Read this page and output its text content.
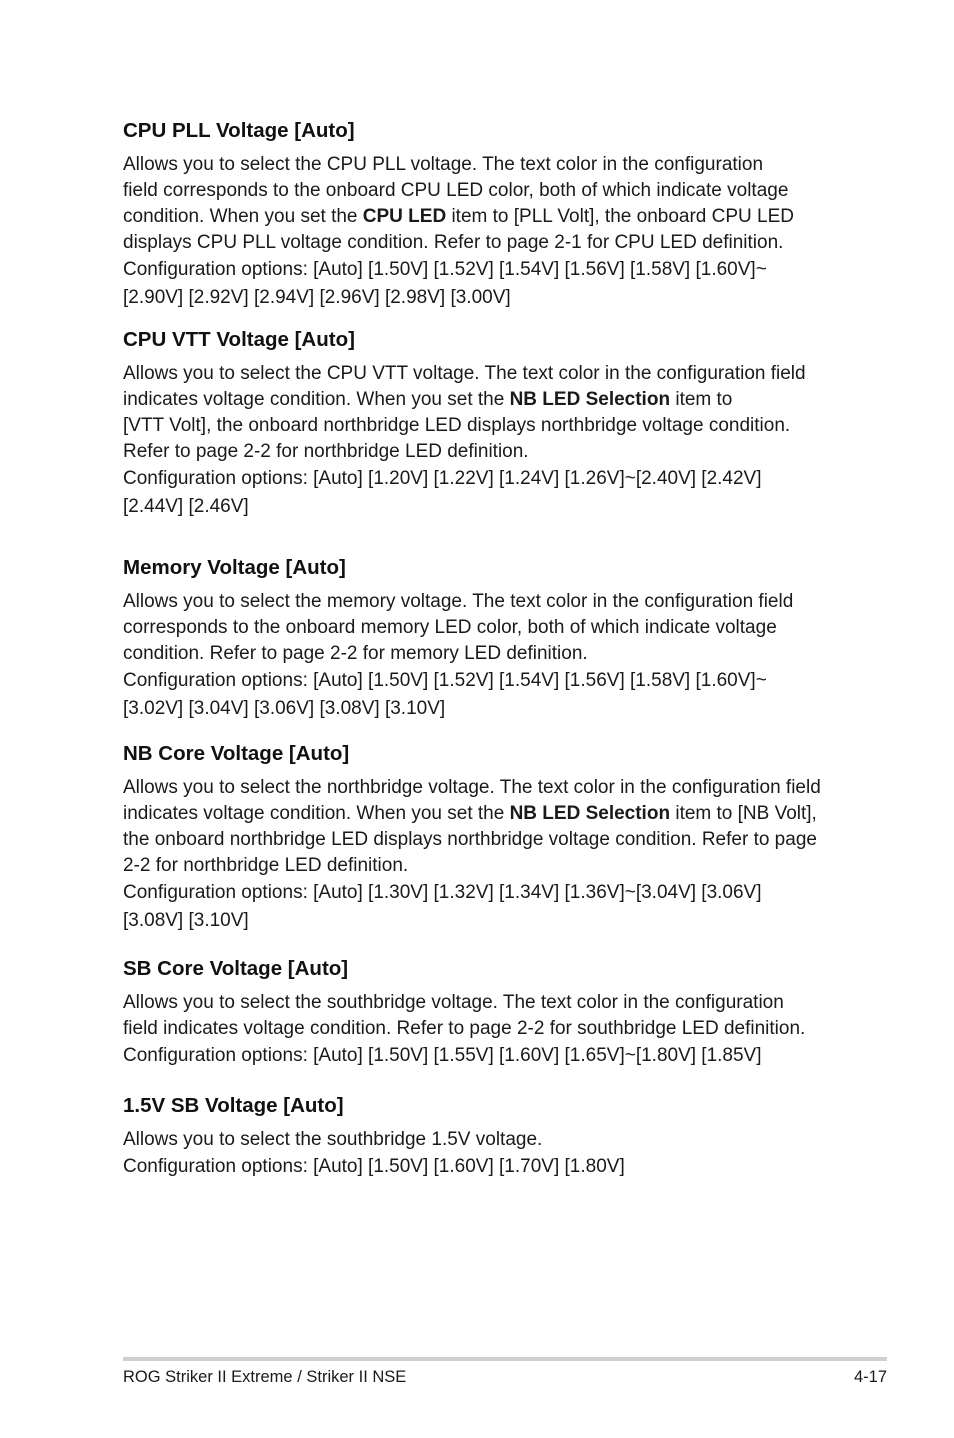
CPU PLL Voltage [Auto]

Allows you to select the CPU PLL voltage. The text color in the configuration
field corresponds to the onboard CPU LED color, both of which indicate voltage
condition. When you set the CPU LED item to [PLL Volt], the onboard CPU LED
displays CPU PLL voltage condition. Refer to page 2-1 for CPU LED definition.

Configuration options: [Auto] [1.50V] [1.52V] [1.54V] [1.56V] [1.58V] [1.60V]~
[2.90V] [2.92V] [2.94V] [2.96V] [2.98V] [3.00V]

CPU VTT Voltage [Auto]

Allows you to select the CPU VTT voltage. The text color in the configuration field
indicates voltage condition. When you set the NB LED Selection item to
[VTT Volt], the onboard northbridge LED displays northbridge voltage condition.
Refer to page 2-2 for northbridge LED definition.

Configuration options: [Auto] [1.20V] [1.22V] [1.24V] [1.26V]~[2.40V] [2.42V]
[2.44V] [2.46V]

Memory Voltage [Auto]

Allows you to select the memory voltage. The text color in the configuration field
corresponds to the onboard memory LED color, both of which indicate voltage
condition. Refer to page 2-2 for memory LED definition.

Configuration options: [Auto] [1.50V] [1.52V] [1.54V] [1.56V] [1.58V] [1.60V]~
[3.02V] [3.04V] [3.06V] [3.08V] [3.10V]

NB Core Voltage [Auto]

Allows you to select the northbridge voltage. The text color in the configuration field
indicates voltage condition. When you set the NB LED Selection item to [NB Volt],
the onboard northbridge LED displays northbridge voltage condition. Refer to page
2-2 for northbridge LED definition.

Configuration options: [Auto] [1.30V] [1.32V] [1.34V] [1.36V]~[3.04V] [3.06V]
[3.08V] [3.10V]

SB Core Voltage [Auto]

Allows you to select the southbridge voltage. The text color in the configuration
field indicates voltage condition. Refer to page 2-2 for southbridge LED definition.

Configuration options: [Auto] [1.50V] [1.55V] [1.60V] [1.65V]~[1.80V] [1.85V]

1.5V SB Voltage [Auto]

Allows you to select the southbridge 1.5V voltage.

Configuration options: [Auto] [1.50V] [1.60V] [1.70V] [1.80V]

ROG Striker II Extreme / Striker II NSE	4-17
